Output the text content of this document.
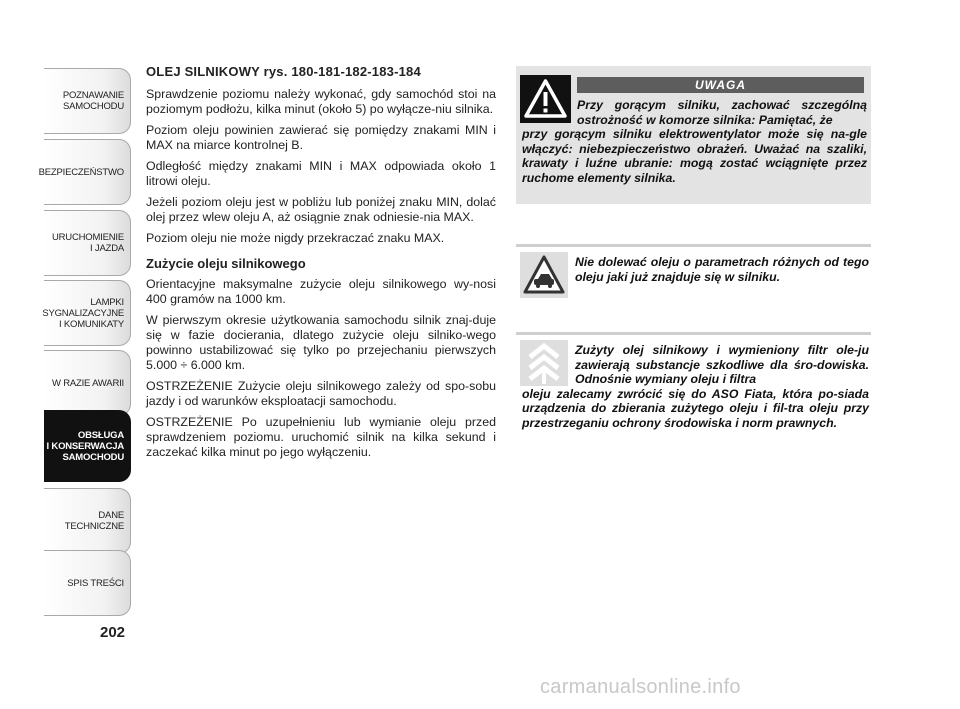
POZNAWANIE
SAMOCHODU
BEZPIECZEŃSTWO
URUCHOMIENIE
I JAZDA
LAMPKI
SYGNALIZACYJNE
I KOMUNIKATY
W RAZIE AWARII
OBSŁUGA
I KONSERWACJA
SAMOCHODU
DANE
TECHNICZNE
SPIS TREŚCI
202

OLEJ SILNIKOWY rys. 180-181-182-183-184

Sprawdzenie poziomu należy wykonać, gdy samochód stoi na poziomym podłożu, kilka minut (około 5) po wyłącze-niu silnika.

Poziom oleju powinien zawierać się pomiędzy znakami MIN i MAX na miarce kontrolnej B.

Odległość między znakami MIN i MAX odpowiada około 1 litrowi oleju.

Jeżeli poziom oleju jest w pobliżu lub poniżej znaku MIN, dolać olej przez wlew oleju A, aż osiągnie znak odniesie-nia MAX.

Poziom oleju nie może nigdy przekraczać znaku MAX.

Zużycie oleju silnikowego

Orientacyjne maksymalne zużycie oleju silnikowego wy-nosi 400 gramów na 1000 km.

W pierwszym okresie użytkowania samochodu silnik znaj-duje się w fazie docierania, dlatego zużycie oleju silniko-wego powinno ustabilizować się tylko po przejechaniu pierwszych 5.000 ÷ 6.000 km.

OSTRZEŻENIE Zużycie oleju silnikowego zależy od spo-sobu jazdy i od warunków eksploatacji samochodu.

OSTRZEŻENIE Po uzupełnieniu lub wymianie oleju przed sprawdzeniem poziomu. uruchomić silnik na kilka sekund i zaczekać kilka minut po jego wyłączeniu.

UWAGA
Przy gorącym silniku, zachować szczególną ostrożność w komorze silnika: Pamiętać, że
przy gorącym silniku elektrowentylator może się na-gle włączyć: niebezpieczeństwo obrażeń. Uważać na szaliki, krawaty i luźne ubranie: mogą zostać wciągnięte przez ruchome elementy silnika.
Nie dolewać oleju o parametrach różnych od tego oleju jaki już znajduje się w silniku.
Zużyty olej silnikowy i wymieniony filtr ole-ju zawierają substancje szkodliwe dla śro-dowiska. Odnośnie wymiany oleju i filtra
oleju zalecamy zwrócić się do ASO Fiata, która po-siada urządzenia do zbierania zużytego oleju i fil-tra oleju przy przestrzeganiu ochrony środowiska i norm prawnych.
carmanualsonline.info
